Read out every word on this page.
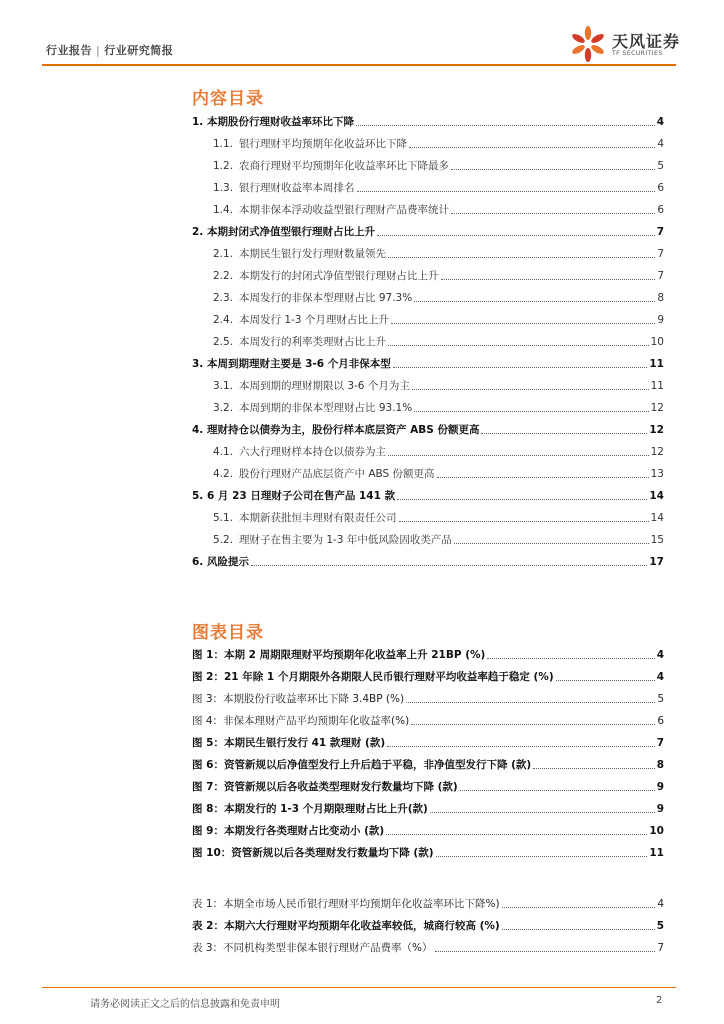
行业报告 | 行业研究简报	天风证券
TF SECURITIES
内容目录
1. 本期股份行理财收益率环比下降	4
1.1. 银行理财平均预期年化收益环比下降	4
1.2. 农商行理财平均预期年化收益率环比下降最多	5
1.3. 银行理财收益率本周排名	6
1.4. 本期非保本浮动收益型银行理财产品费率统计	6
2. 本期封闭式净值型银行理财占比上升	7
2.1. 本期民生银行发行理财数量领先	7
2.2. 本期发行的封闭式净值型银行理财占比上升	7
2.3. 本周发行的非保本型理财占比 97.3%	8
2.4. 本周发行 1-3 个月理财占比上升	9
2.5. 本周发行的利率类理财占比上升	10
3. 本周到期理财主要是 3-6 个月非保本型	11
3.1. 本周到期的理财期限以 3-6 个月为主	11
3.2. 本周到期的非保本型理财占比 93.1%	12
4. 理财持仓以债券为主，股份行样本底层资产 ABS 份额更高	12
4.1. 六大行理财样本持仓以债券为主	12
4.2. 股份行理财产品底层资产中 ABS 份额更高	13
5. 6 月 23 日理财子公司在售产品 141 款	14
5.1. 本期新获批恒丰理财有限责任公司	14
5.2. 理财子在售主要为 1-3 年中低风险固收类产品	15
6. 风险提示	17
图表目录
图 1：本期 2 周期限理财平均预期年化收益率上升 21BP (%)	4
图 2：21 年除 1 个月期限外各期限人民币银行理财平均收益率趋于稳定 (%)	4
图 3：本期股份行收益率环比下降 3.4BP (%)	5
图 4：非保本理财产品平均预期年化收益率(%)	6
图 5：本期民生银行发行 41 款理财 (款)	7
图 6：资管新规以后净值型发行上升后趋于平稳，非净值型发行下降 (款)	8
图 7：资管新规以后各收益类型理财发行数量均下降 (款)	9
图 8：本期发行的 1-3 个月期限理财占比上升(款)	9
图 9：本期发行各类理财占比变动小 (款)	10
图 10：资管新规以后各类理财发行数量均下降 (款)	11
表 1：本期全市场人民币银行理财平均预期年化收益率环比下降%)	4
表 2：本期六大行理财平均预期年化收益率较低，城商行较高 (%)	5
表 3：不同机构类型非保本银行理财产品费率（%）	7
请务必阅读正文之后的信息披露和免责申明	2
